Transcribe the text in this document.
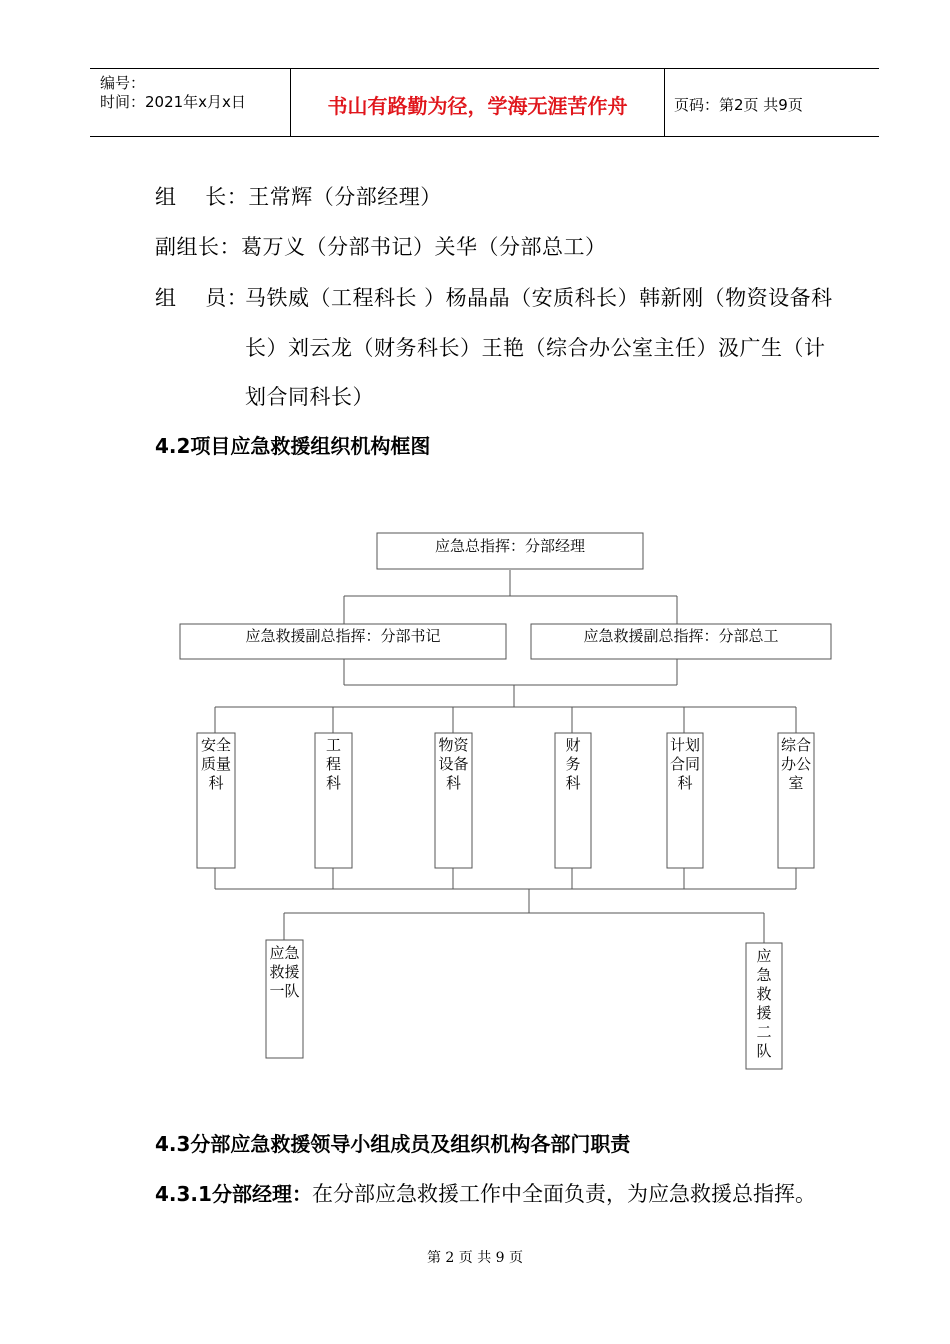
编号：
时间：2021年x月x日	书山有路勤为径，学海无涯苦作舟	页码：第2页 共9页
组    长：王常辉（分部经理）
副组长：葛万义（分部书记）关华（分部总工）
组    员：
马铁威（工程科长 ）杨晶晶（安质科长）韩新刚（物资设备科
长）刘云龙（财务科长）王艳（综合办公室主任）汲广生（计
划合同科长）
4.2项目应急救援组织机构框图
应急总指挥：分部经理
应急救援副总指挥：分部书记	应急救援副总指挥：分部总工
安全
质量
科
工
程
科
物资
设备
科
财
务
科
计划
合同
科
综合
办公
室
应急
救援
一队
应
急
救
援
二
队
4.3分部应急救援领导小组成员及组织机构各部门职责
4.3.1分部经理：在分部应急救援工作中全面负责，为应急救援总指挥。
第 2 页 共 9 页
